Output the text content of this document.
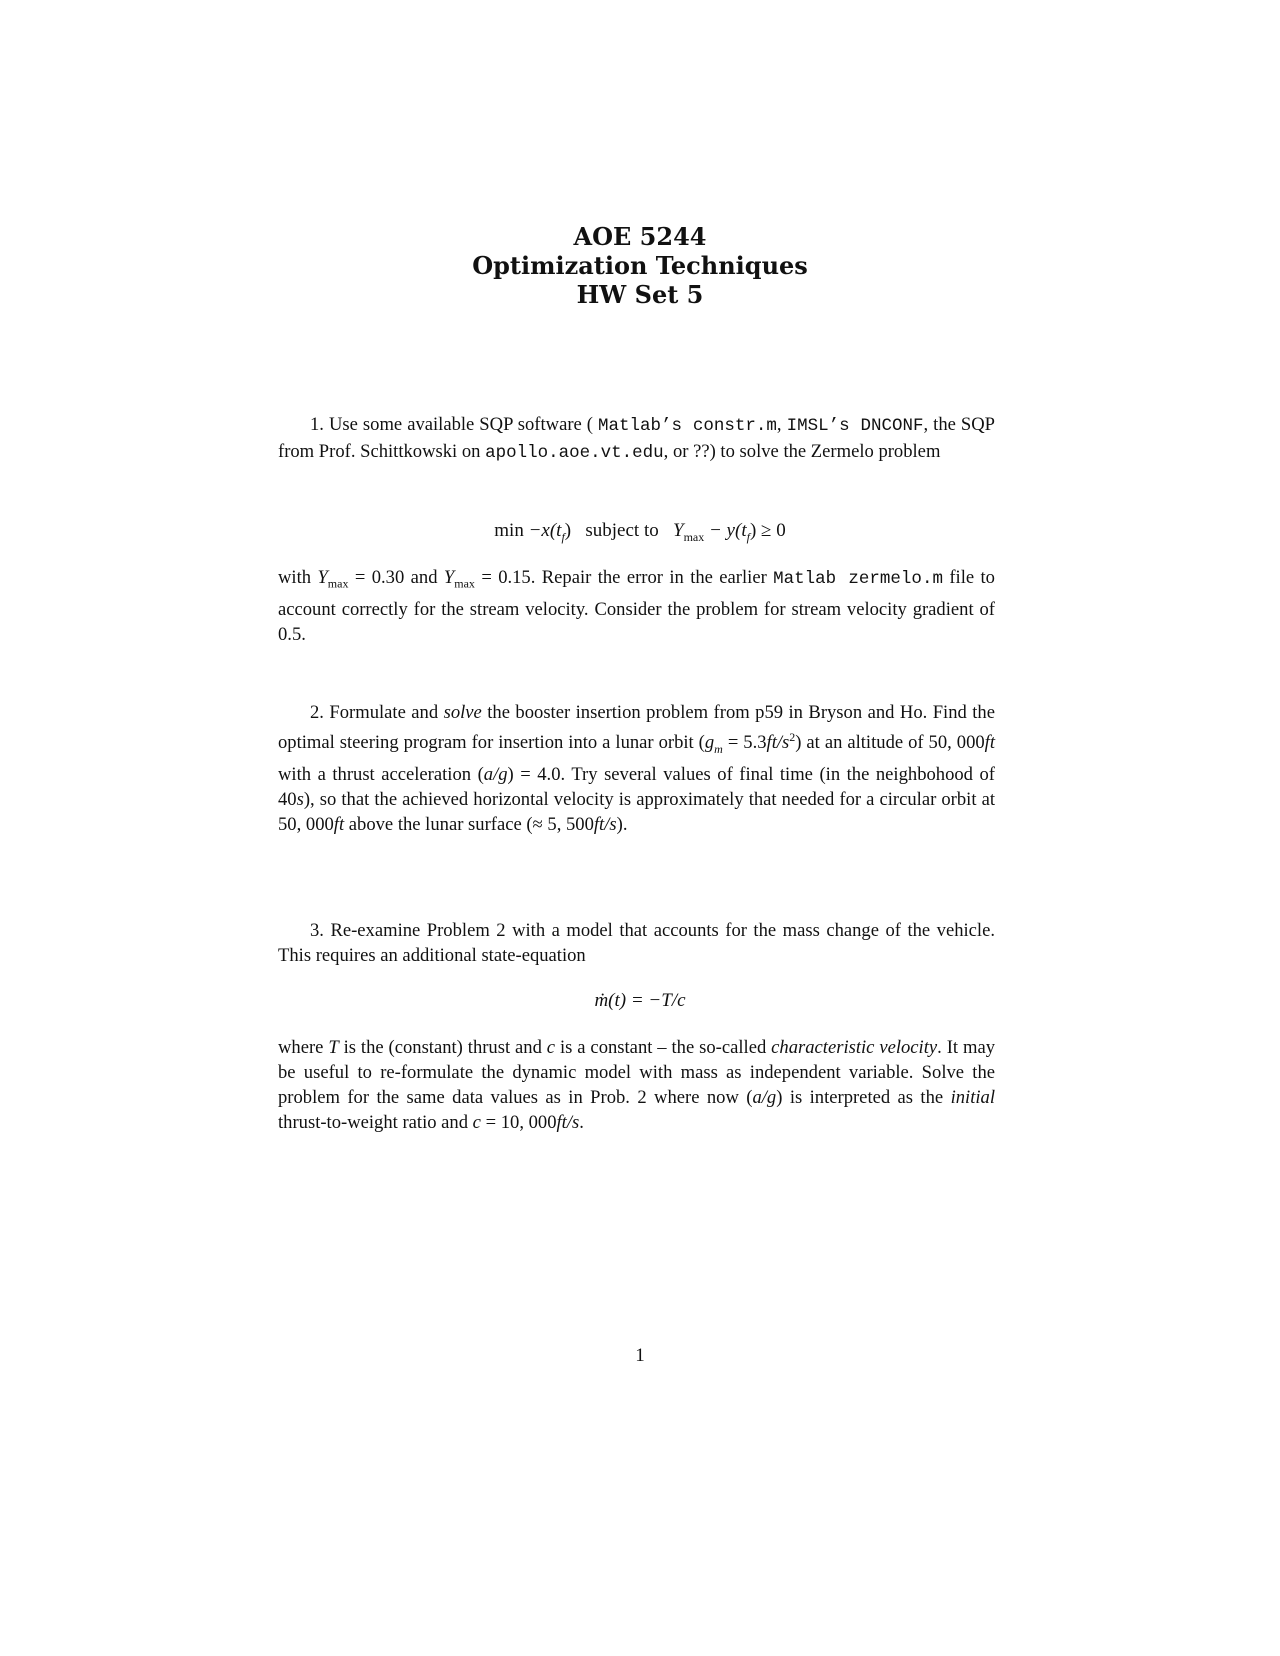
AOE 5244
Optimization Techniques
HW Set 5
1. Use some available SQP software ( Matlab’s constr.m, IMSL’s DNCONF, the SQP from Prof. Schittkowski on apollo.aoe.vt.edu, or ??) to solve the Zermelo problem
$\min -x(t_f)$ subject to $Y_{max} - y(t_f) \ge 0$
with $Y_{max} = 0.30$ and $Y_{max} = 0.15$. Repair the error in the earlier Matlab zermelo.m file to account correctly for the stream velocity. Consider the problem for stream velocity gradient of 0.5.
2. Formulate and solve the booster insertion problem from p59 in Bryson and Ho. Find the optimal steering program for insertion into a lunar orbit $(g_m = 5.3ft/s^2)$ at an altitude of 50, 000ft with a thrust acceleration (a/g) = 4.0. Try several values of final time (in the neighbohood of 40s), so that the achieved horizontal velocity is approximately that needed for a circular orbit at 50, 000ft above the lunar surface (≈ 5, 500ft/s).
3. Re-examine Problem 2 with a model that accounts for the mass change of the vehicle. This requires an additional state-equation
ṁ(t) = −T/c
where T is the (constant) thrust and c is a constant – the so-called characteristic velocity. It may be useful to re-formulate the dynamic model with mass as independent variable. Solve the problem for the same data values as in Prob. 2 where now (a/g) is interpreted as the initial thrust-to-weight ratio and c = 10, 000ft/s.
1
